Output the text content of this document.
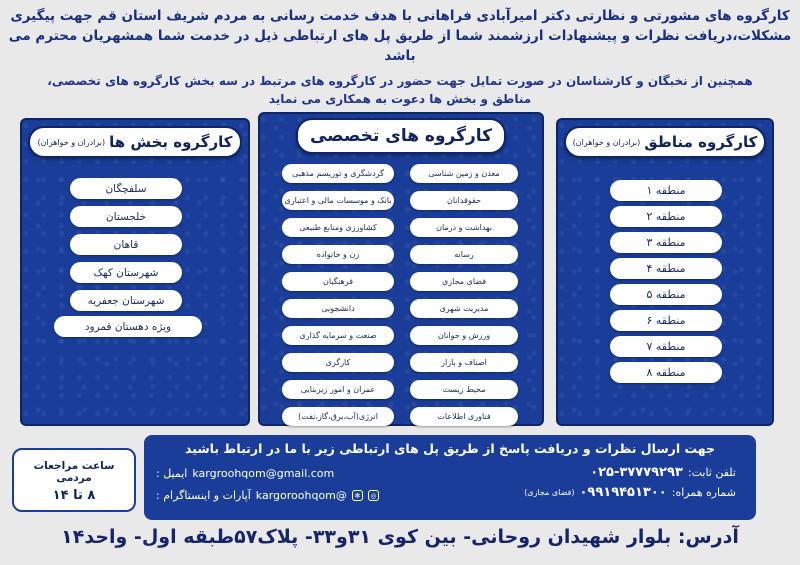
کارگروه های مشورتی و نظارتی دکتر امیرآبادی فراهانی با هدف خدمت رسانی به مردم شریف استان قم جهت پیگیری
مشکلات،دریافت نظرات و پیشنهادات ارزشمند شما از طریق پل های ارتباطی ذیل در خدمت شما همشهریان محترم می باشد
همچنین از نخبگان و کارشناسان در صورت تمایل جهت حضور در کارگروه های مرتبط در سه بخش کارگروه های تخصصی،
مناطق و بخش ها دعوت به همکاری می نماید
کارگروه مناطق
(برادران و خواهران)
منطقه ۱
منطقه ۲
منطقه ۳
منطقه ۴
منطقه ۵
منطقه ۶
منطقه ۷
منطقه ۸
کارگروه های تخصصی
معدن و زمین شناسی
حقوقدانان
بهداشت و درمان
رسانه
فضای مجازی
مدیریت شهری
ورزش و جوانان
اصناف و بازار
محیط زیست
فناوری اطلاعات
گردشگری و توریسم مذهبی
بانک و موسسات مالی و اعتباری
کشاورزی ومنابع طبیعی
زن و خانواده
فرهنگیان
دانشجویی
صنعت و سرمایه گذاری
کارگری
عمران و امور زیربنایی
انرژی(آب،برق،گاز،نفت)
کارگروه بخش ها
(برادران و خواهران)
سلفچگان
خلجستان
قاهان
شهرستان کهک
شهرستان جعفریه
ویژه دهستان قمرود
جهت ارسال نظرات و دریافت پاسخ از طریق پل های ارتباطی زیر با ما در ارتباط باشید
تلفن ثابت:
۰۲۵-۳۷۷۷۹۲۹۳
شماره همراه:
۰۹۹۱۹۴۵۱۳۰۰
(فضای مجازی)
kargroohqom@gmail.com
ایمیل :
◎
✻
@kargoroohqom
آپارات و اینستاگرام :
ساعت مراجعات مردمی
۸ تا ۱۴
آدرس: بلوار شهیدان روحانی- بین کوی ۳۱و۳۳- پلاک۵۷طبقه اول- واحد۱۴
